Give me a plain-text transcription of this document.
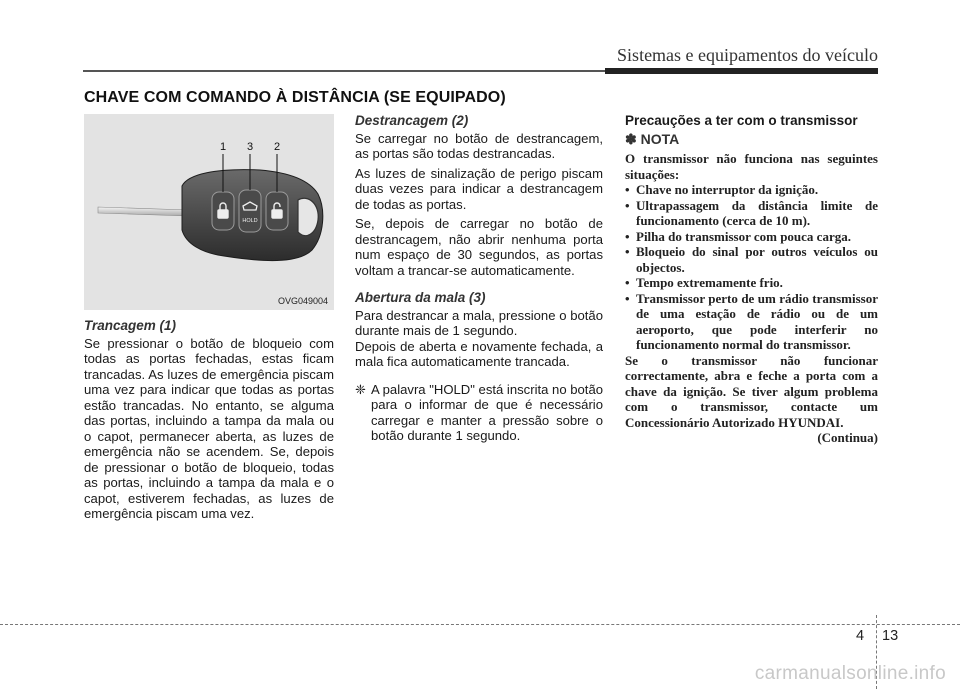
Sistemas e equipamentos do veículo
CHAVE COM COMANDO À DISTÂNCIA (SE EQUIPADO)
HOLD
1 3 2
OVG049004
Trancagem (1)
Se pressionar o botão de bloqueio com todas as portas fechadas, estas ficam trancadas. As luzes de emergência piscam uma vez para indicar que todas as portas estão trancadas. No entanto, se alguma das portas, incluindo a tampa da mala ou o capot, permanecer aberta, as luzes de emergência não se acendem. Se, depois de pressionar o botão de bloqueio, todas as portas, incluindo a tampa da mala e o capot, estiverem fechadas, as luzes de emergência piscam uma vez.
Destrancagem (2)
Se carregar no botão de destrancagem, as portas são todas destrancadas.
As luzes de sinalização de perigo piscam duas vezes para indicar a destrancagem de todas as portas.
Se, depois de carregar no botão de destrancagem, não abrir nenhuma porta num espaço de 30 segundos, as portas voltam a trancar-se automaticamente.
Abertura da mala (3)
Para destrancar a mala, pressione o botão durante mais de 1 segundo.
Depois de aberta e novamente fechada, a mala fica automaticamente trancada.
❈ A palavra "HOLD" está inscrita no botão para o informar de que é necessário carregar e manter a pressão sobre o botão durante 1 segundo.
Precauções a ter com o transmissor
✽ NOTA
O transmissor não funciona nas seguintes situações:
• Chave no interruptor da ignição.
• Ultrapassagem da distância limite de funcionamento (cerca de 10 m).
• Pilha do transmissor com pouca carga.
• Bloqueio do sinal por outros veículos ou objectos.
• Tempo extremamente frio.
• Transmissor perto de um rádio transmissor de uma estação de rádio ou de um aeroporto, que pode interferir no funcionamento normal do transmissor.
Se o transmissor não funcionar correctamente, abra e feche a porta com a chave da ignição. Se tiver algum problema com o transmissor, contacte um Concessionário Autorizado HYUNDAI.
(Continua)
4 13
carmanualsonline.info
